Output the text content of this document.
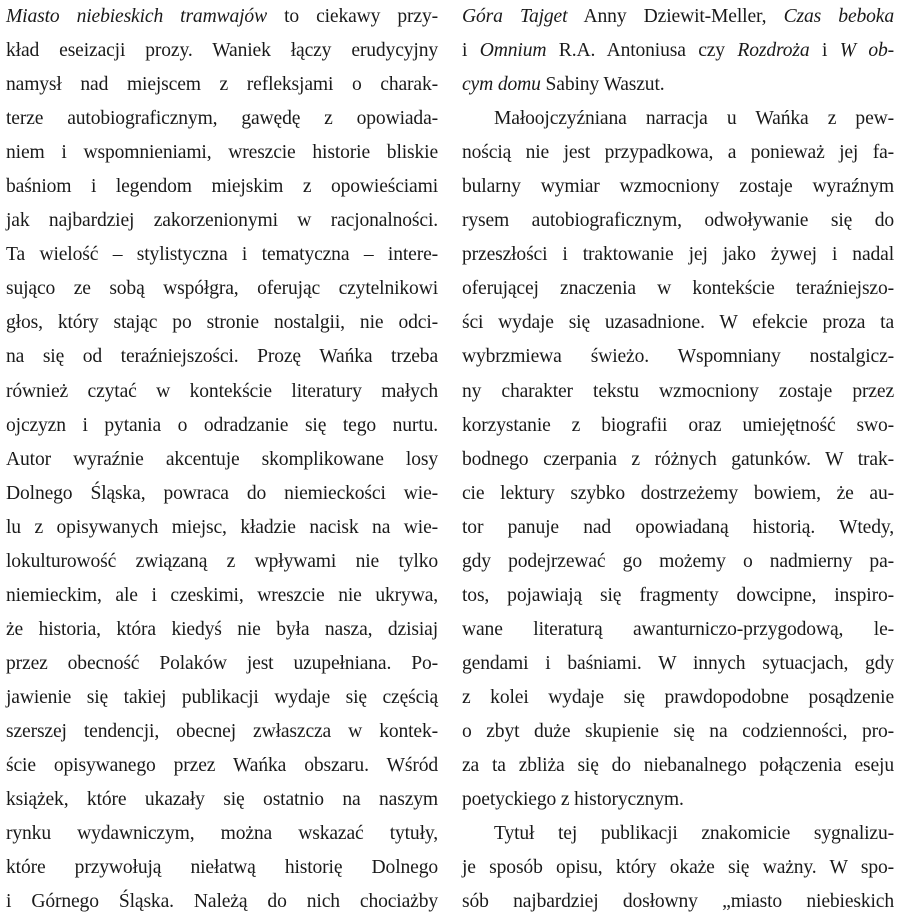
Miasto niebieskich tramwajów to ciekawy przy-
kład eseizacji prozy. Waniek łączy erudycyjny
namysł nad miejscem z refleksjami o charak-
terze autobiograficznym, gawędę z opowiada-
niem i wspomnieniami, wreszcie historie bliskie
baśniom i legendom miejskim z opowieściami
jak najbardziej zakorzenionymi w racjonalności.
Ta wielość – stylistyczna i tematyczna – intere-
sująco ze sobą współgra, oferując czytelnikowi
głos, który stając po stronie nostalgii, nie odci-
na się od teraźniejszości. Prozę Wańka trzeba
również czytać w kontekście literatury małych
ojczyzn i pytania o odradzanie się tego nurtu.
Autor wyraźnie akcentuje skomplikowane losy
Dolnego Śląska, powraca do niemieckości wie-
lu z opisywanych miejsc, kładzie nacisk na wie-
lokulturowość związaną z wpływami nie tylko
niemieckim, ale i czeskimi, wreszcie nie ukrywa,
że historia, która kiedyś nie była nasza, dzisiaj
przez obecność Polaków jest uzupełniana. Po-
jawienie się takiej publikacji wydaje się częścią
szerszej tendencji, obecnej zwłaszcza w kontek-
ście opisywanego przez Wańka obszaru. Wśród
książek, które ukazały się ostatnio na naszym
rynku wydawniczym, można wskazać tytuły,
które przywołują niełatwą historię Dolnego
i Górnego Śląska. Należą do nich chociażby
Góra Tajget Anny Dziewit-Meller, Czas beboka
i Omnium R.A. Antoniusa czy Rozdroża i W ob-
cym domu Sabiny Waszut.
Małoojczyźniana narracja u Wańka z pew-
nością nie jest przypadkowa, a ponieważ jej fa-
bularny wymiar wzmocniony zostaje wyraźnym
rysem autobiograficznym, odwoływanie się do
przeszłości i traktowanie jej jako żywej i nadal
oferującej znaczenia w kontekście teraźniejszo-
ści wydaje się uzasadnione. W efekcie proza ta
wybrzmiewa świeżo. Wspomniany nostalgicz-
ny charakter tekstu wzmocniony zostaje przez
korzystanie z biografii oraz umiejętność swo-
bodnego czerpania z różnych gatunków. W trak-
cie lektury szybko dostrzeżemy bowiem, że au-
tor panuje nad opowiadaną historią. Wtedy,
gdy podejrzewać go możemy o nadmierny pa-
tos, pojawiają się fragmenty dowcipne, inspiro-
wane literaturą awanturniczo-przygodową, le-
gendami i baśniami. W innych sytuacjach, gdy
z kolei wydaje się prawdopodobne posądzenie
o zbyt duże skupienie się na codzienności, pro-
za ta zbliża się do niebanalnego połączenia eseju
poetyckiego z historycznym.
Tytuł tej publikacji znakomicie sygnalizu-
je sposób opisu, który okaże się ważny. W spo-
sób najbardziej dosłowny „miasto niebieskich
